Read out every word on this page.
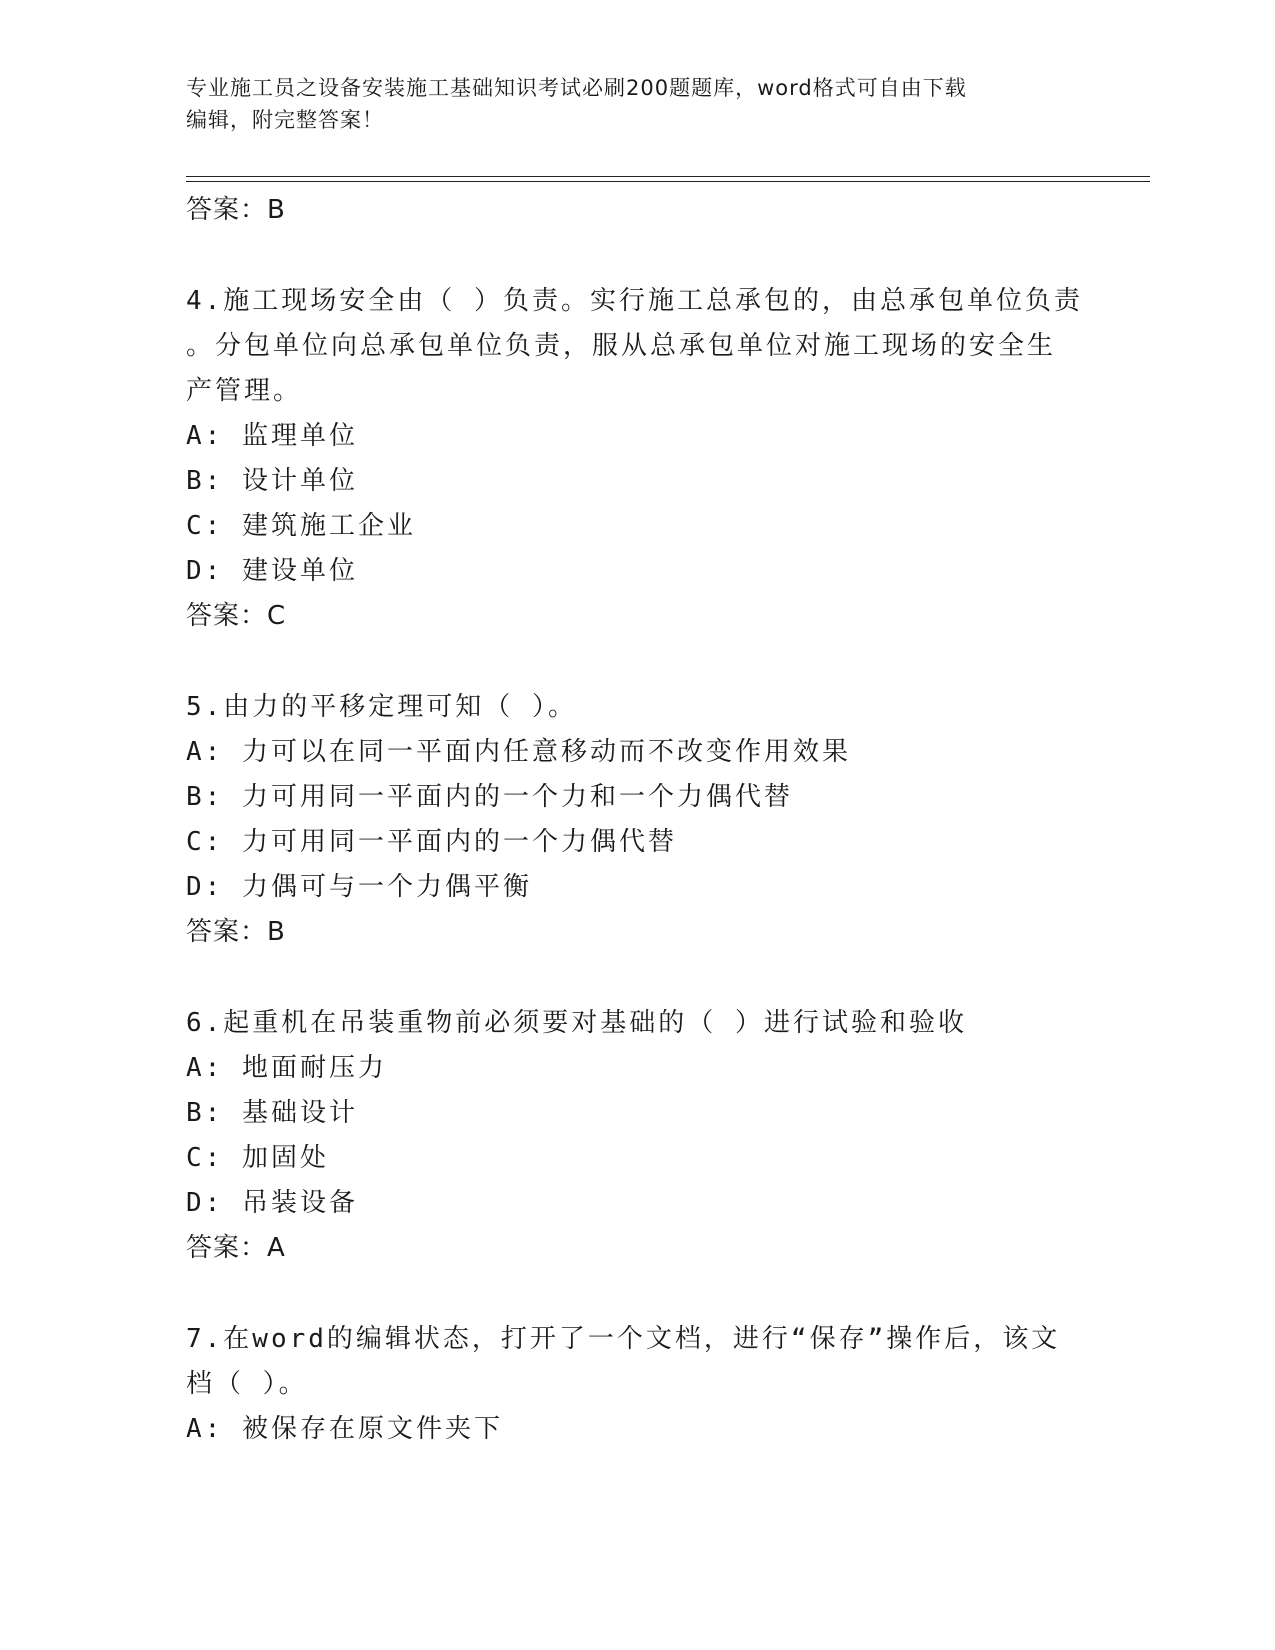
专业施工员之设备安装施工基础知识考试必刷200题题库，word格式可自由下载
编辑，附完整答案！
答案：B
4.施工现场安全由（ ）负责。实行施工总承包的，由总承包单位负责
。分包单位向总承包单位负责，服从总承包单位对施工现场的安全生
产管理。
A: 监理单位
B: 设计单位
C: 建筑施工企业
D: 建设单位
答案：C
5.由力的平移定理可知（ ）。
A: 力可以在同一平面内任意移动而不改变作用效果
B: 力可用同一平面内的一个力和一个力偶代替
C: 力可用同一平面内的一个力偶代替
D: 力偶可与一个力偶平衡
答案：B
6.起重机在吊装重物前必须要对基础的（ ）进行试验和验收
A: 地面耐压力
B: 基础设计
C: 加固处
D: 吊装设备
答案：A
7.在word的编辑状态，打开了一个文档，进行“保存”操作后，该文
档（ ）。
A: 被保存在原文件夹下
